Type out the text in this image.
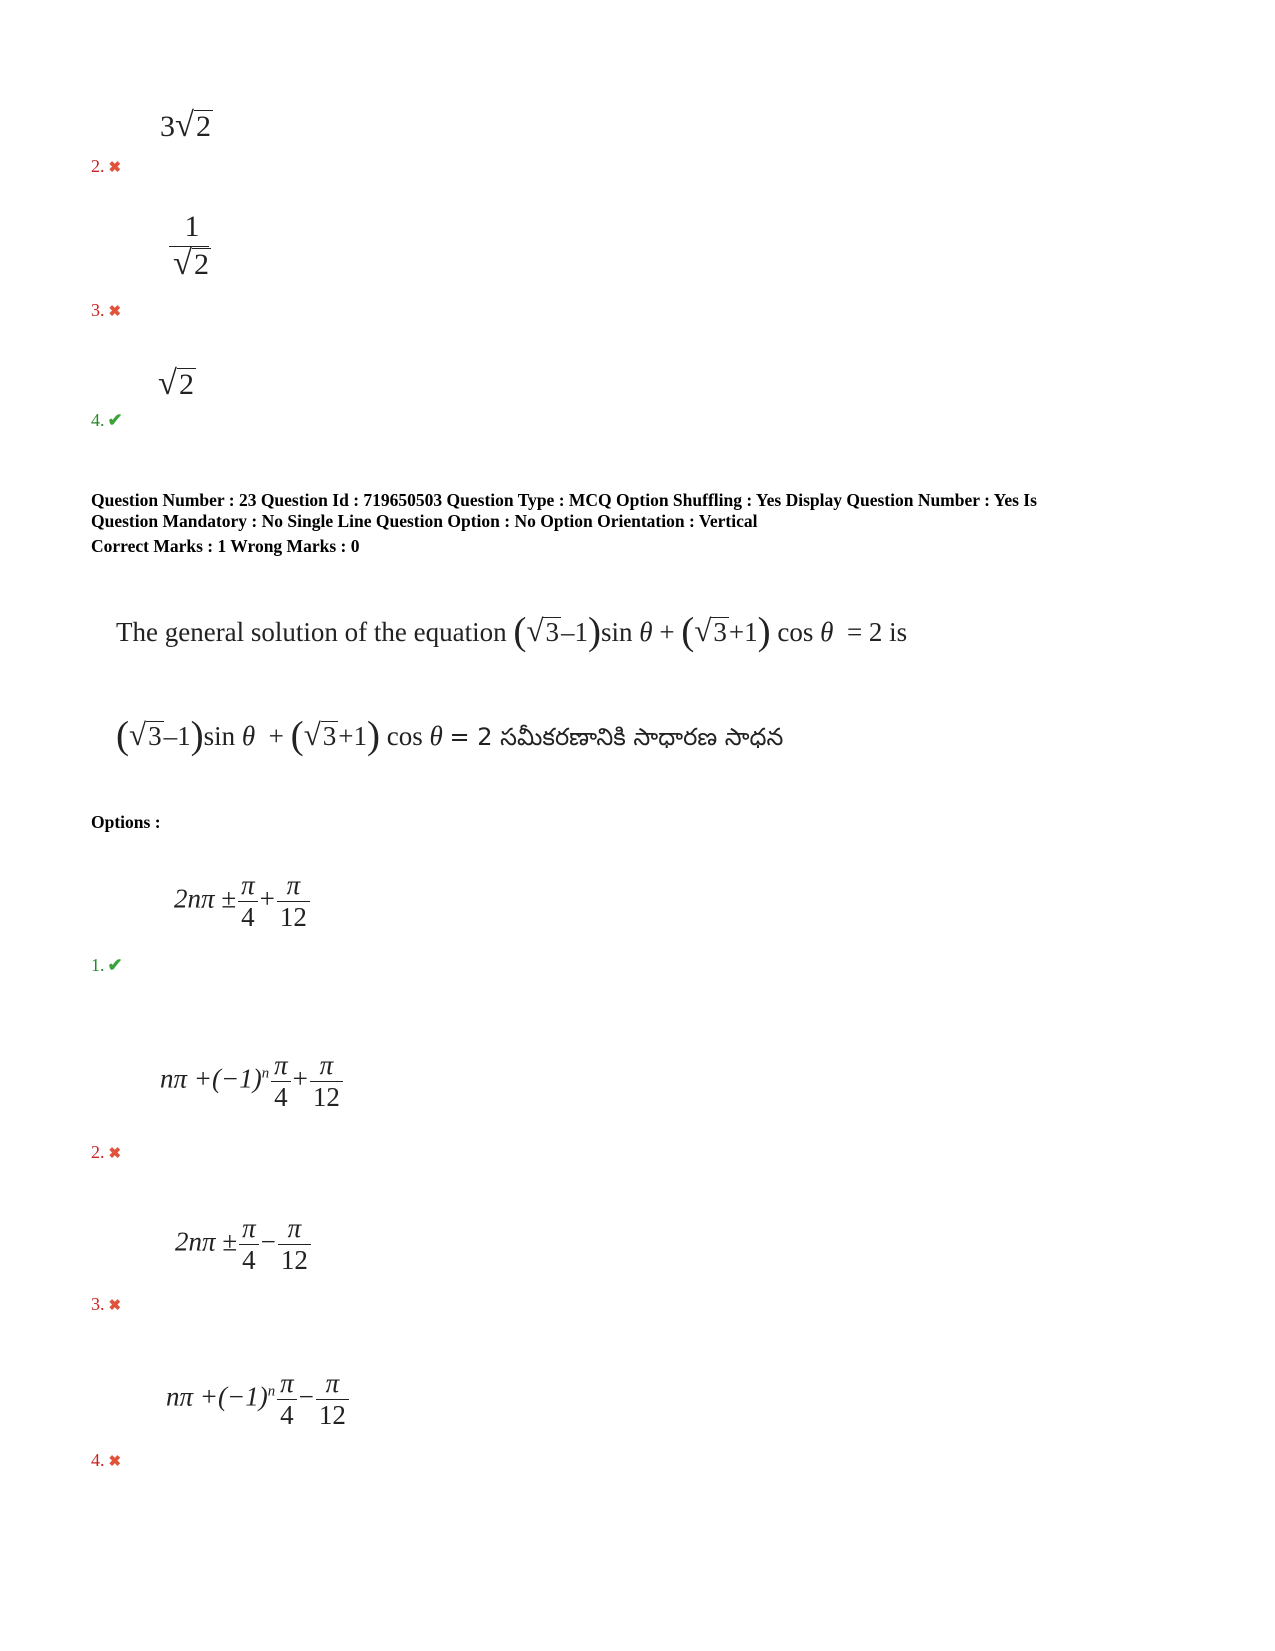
3 √ 2
2. ✖
1
√ 2
3. ✖
√ 2
4. ✔
Question Number : 23 Question Id : 719650503 Question Type : MCQ Option Shuffling : Yes Display Question Number : Yes Is
Question Mandatory : No Single Line Question Option : No Option Orientation : Vertical
Correct Marks : 1 Wrong Marks : 0
The general solution of the equation ( √ 3 –1)sin θ + ( √ 3 +1) cos θ = 2 is
( √ 3 –1)sin θ + ( √ 3 +1) cos θ = 2 సమీకరణానికి సాధారణ సాధన
Options :
$2n\pi \pm \frac{\pi}{4} + \frac{\pi}{12}$
1. ✔
$n\pi +(-1)^n \frac{\pi}{4} + \frac{\pi}{12}$
2. ✖
$2n\pi \pm \frac{\pi}{4} - \frac{\pi}{12}$
3. ✖
$n\pi +(-1)^n \frac{\pi}{4} - \frac{\pi}{12}$
4. ✖
